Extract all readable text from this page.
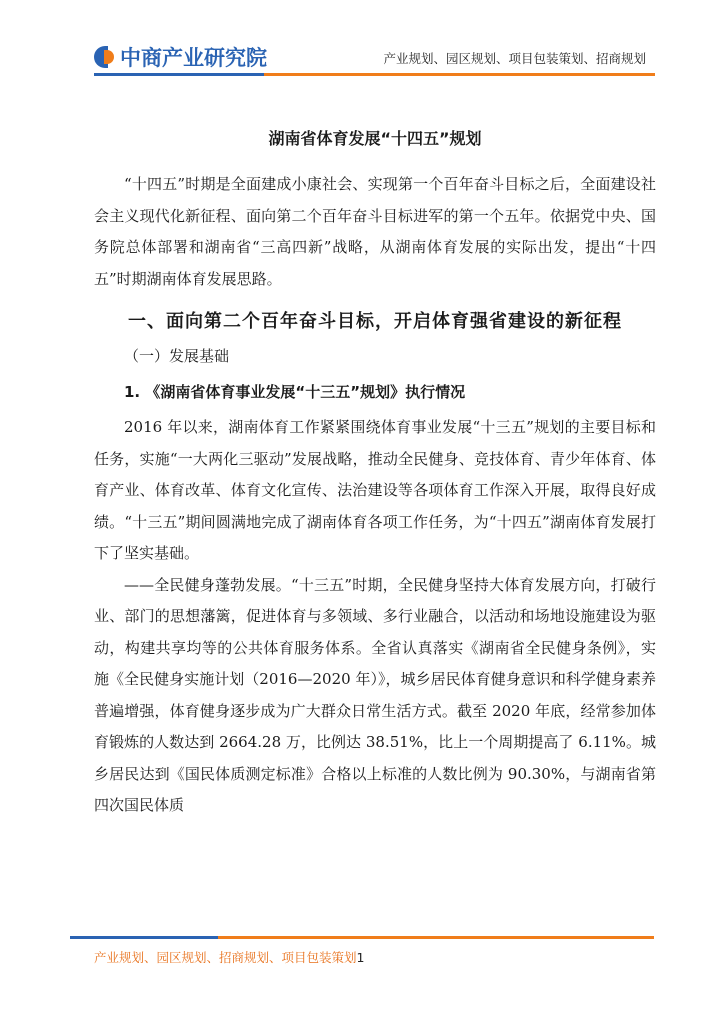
中商产业研究院	产业规划、园区规划、项目包装策划、招商规划
湖南省体育发展“十四五”规划

“十四五”时期是全面建成小康社会、实现第一个百年奋斗目标之后，全面建设社会主义现代化新征程、面向第二个百年奋斗目标进军的第一个五年。依据党中央、国务院总体部署和湖南省“三高四新”战略，从湖南体育发展的实际出发，提出“十四五”时期湖南体育发展思路。

一、面向第二个百年奋斗目标，开启体育强省建设的新征程
（一）发展基础
1. 《湖南省体育事业发展“十三五”规划》执行情况

2016 年以来，湖南体育工作紧紧围绕体育事业发展“十三五”规划的主要目标和任务，实施“一大两化三驱动”发展战略，推动全民健身、竞技体育、青少年体育、体育产业、体育改革、体育文化宣传、法治建设等各项体育工作深入开展，取得良好成绩。“十三五”期间圆满地完成了湖南体育各项工作任务，为“十四五”湖南体育发展打下了坚实基础。

——全民健身蓬勃发展。“十三五”时期，全民健身坚持大体育发展方向，打破行业、部门的思想藩篱，促进体育与多领域、多行业融合，以活动和场地设施建设为驱动，构建共享均等的公共体育服务体系。全省认真落实《湖南省全民健身条例》，实施《全民健身实施计划（2016—2020 年）》，城乡居民体育健身意识和科学健身素养普遍增强，体育健身逐步成为广大群众日常生活方式。截至 2020 年底，经常参加体育锻炼的人数达到 2664.28 万，比例达 38.51%，比上一个周期提高了 6.11%。城乡居民达到《国民体质测定标准》合格以上标准的人数比例为 90.30%，与湖南省第四次国民体质

产业规划、园区规划、招商规划、项目包装策划1
